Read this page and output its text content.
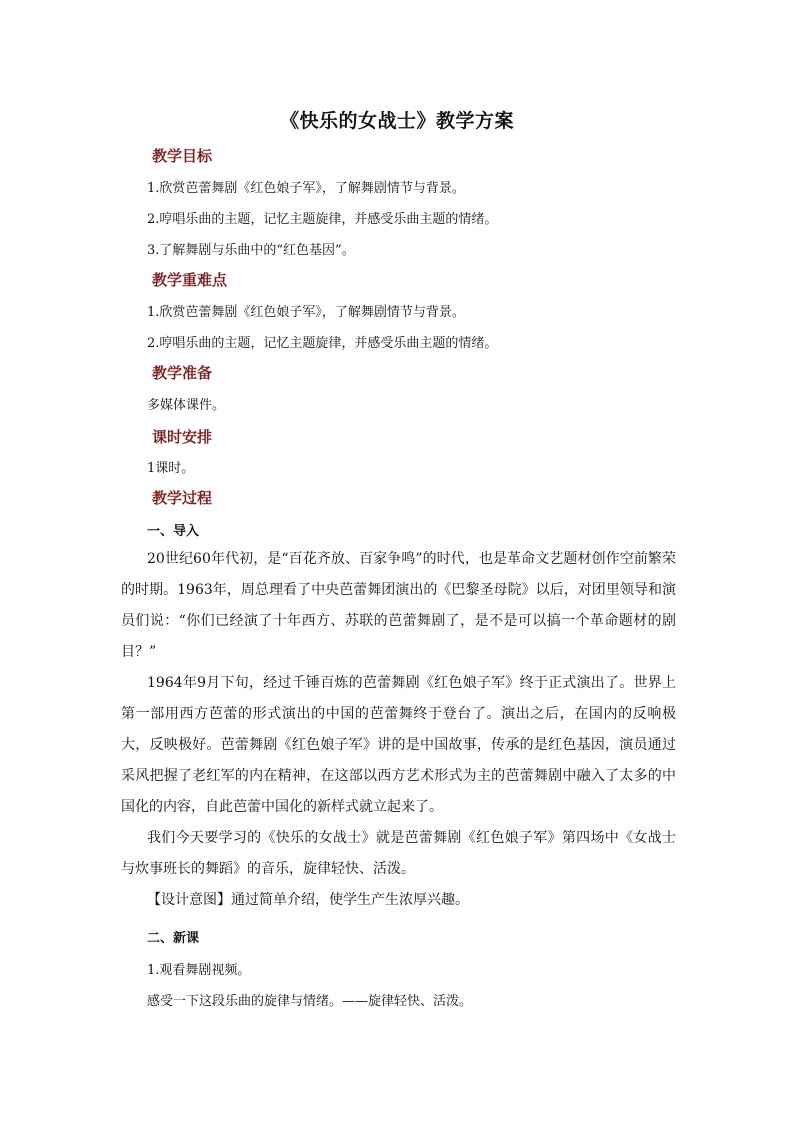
《快乐的女战士》教学方案
教学目标
1.欣赏芭蕾舞剧《红色娘子军》，了解舞剧情节与背景。
2.哼唱乐曲的主题，记忆主题旋律，并感受乐曲主题的情绪。
3.了解舞剧与乐曲中的“红色基因”。
教学重难点
1.欣赏芭蕾舞剧《红色娘子军》，了解舞剧情节与背景。
2.哼唱乐曲的主题，记忆主题旋律，并感受乐曲主题的情绪。
教学准备
多媒体课件。
课时安排
1课时。
教学过程
一、导入

20世纪60年代初，是“百花齐放、百家争鸣”的时代，也是革命文艺题材创作空前繁荣的时期。1963年，周总理看了中央芭蕾舞团演出的《巴黎圣母院》以后，对团里领导和演员们说：“你们已经演了十年西方、苏联的芭蕾舞剧了，是不是可以搞一个革命题材的剧目？”

1964年9月下旬，经过千锤百炼的芭蕾舞剧《红色娘子军》终于正式演出了。世界上第一部用西方芭蕾的形式演出的中国的芭蕾舞终于登台了。演出之后，在国内的反响极大，反映极好。芭蕾舞剧《红色娘子军》讲的是中国故事，传承的是红色基因，演员通过采风把握了老红军的内在精神，在这部以西方艺术形式为主的芭蕾舞剧中融入了太多的中国化的内容，自此芭蕾中国化的新样式就立起来了。

我们今天要学习的《快乐的女战士》就是芭蕾舞剧《红色娘子军》第四场中《女战士与炊事班长的舞蹈》的音乐，旋律轻快、活泼。

【设计意图】通过简单介绍，使学生产生浓厚兴趣。

二、新课
1.观看舞剧视频。
感受一下这段乐曲的旋律与情绪。——旋律轻快、活泼。
